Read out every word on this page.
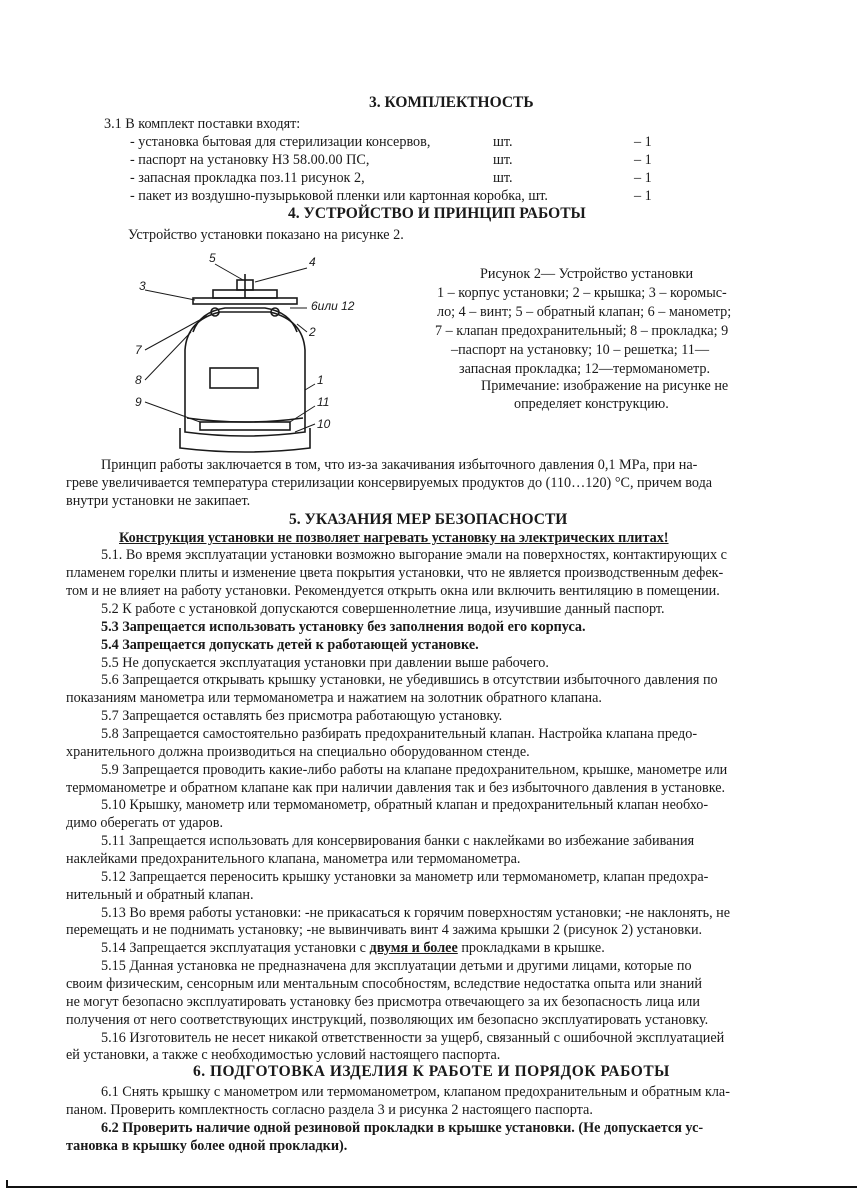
3. КОМПЛЕКТНОСТЬ
3.1 В комплект поставки входят:
- установка бытовая для стерилизации консервов,	шт.	– 1
- паспорт на установку НЗ 58.00.00 ПС,	шт.	– 1
- запасная прокладка поз.11 рисунок 2,	шт.	– 1
- пакет из воздушно-пузырьковой пленки или картонная коробка, шт.	– 1
4. УСТРОЙСТВО И ПРИНЦИП РАБОТЫ
Устройство установки показано на рисунке 2.
5	4
3
6или 12
2
7
8	1
9	11
10
Рисунок 2— Устройство установки
1 – корпус установки; 2 – крышка; 3 – коромыс-
ло; 4 – винт; 5 – обратный клапан; 6 – манометр;
7 – клапан предохранительный; 8 – прокладка; 9
–паспорт на установку; 10 – решетка; 11—
запасная прокладка; 12—термоманометр.
Примечание: изображение на рисунке не
определяет конструкцию.
Принцип работы заключается в том, что из-за закачивания избыточного давления 0,1 МРа, при на-
греве увеличивается температура стерилизации консервируемых продуктов до (110…120) °С, причем вода
внутри установки не закипает.
5. УКАЗАНИЯ МЕР БЕЗОПАСНОСТИ
Конструкция установки не позволяет нагревать установку на электрических плитах!
5.1. Во время эксплуатации установки возможно выгорание эмали на поверхностях, контактирующих с
пламенем горелки плиты и изменение цвета покрытия установки, что не является производственным дефек-
том и не влияет на работу установки. Рекомендуется открыть окна или включить вентиляцию в помещении.
5.2 К работе с установкой допускаются совершеннолетние лица, изучившие данный паспорт.
5.3 Запрещается использовать установку без заполнения водой его корпуса.
5.4 Запрещается допускать детей к работающей установке.
5.5 Не допускается эксплуатация установки при давлении выше рабочего.
5.6 Запрещается открывать крышку установки, не убедившись в отсутствии избыточного давления по
показаниям манометра или термоманометра и нажатием на золотник обратного клапана.
5.7 Запрещается оставлять без присмотра работающую установку.
5.8 Запрещается самостоятельно разбирать предохранительный клапан. Настройка клапана предо-
хранительного должна производиться на специально оборудованном стенде.
5.9 Запрещается проводить какие-либо работы на клапане предохранительном, крышке, манометре или
термоманометре и обратном клапане как при наличии давления так и без избыточного давления в установке.
5.10 Крышку, манометр или термоманометр, обратный клапан и предохранительный клапан необхо-
димо оберегать от ударов.
5.11 Запрещается использовать для консервирования банки с наклейками во избежание забивания
наклейками предохранительного клапана, манометра или термоманометра.
5.12 Запрещается переносить крышку установки за манометр или термоманометр, клапан предохра-
нительный и обратный клапан.
5.13 Во время работы установки: -не прикасаться к горячим поверхностям установки; -не наклонять, не
перемещать и не поднимать установку; -не вывинчивать винт 4 зажима крышки 2 (рисунок 2) установки.
5.14 Запрещается эксплуатация установки с двумя и более прокладками в крышке.
5.15 Данная установка не предназначена для эксплуатации детьми и другими лицами, которые по
своим физическим, сенсорным или ментальным способностям, вследствие недостатка опыта или знаний
не могут безопасно эксплуатировать установку без присмотра отвечающего за их безопасность лица или
получения от него соответствующих инструкций, позволяющих им безопасно эксплуатировать установку.
5.16 Изготовитель не несет никакой ответственности за ущерб, связанный с ошибочной эксплуатацией
ей установки, а также с необходимостью условий настоящего паспорта.
6. ПОДГОТОВКА ИЗДЕЛИЯ К РАБОТЕ И ПОРЯДОК РАБОТЫ
6.1 Снять крышку с манометром или термоманометром, клапаном предохранительным и обратным кла-
паном. Проверить комплектность согласно раздела 3 и рисунка 2 настоящего паспорта.
6.2 Проверить наличие одной резиновой прокладки в крышке установки. (Не допускается ус-
тановка в крышку более одной прокладки).
